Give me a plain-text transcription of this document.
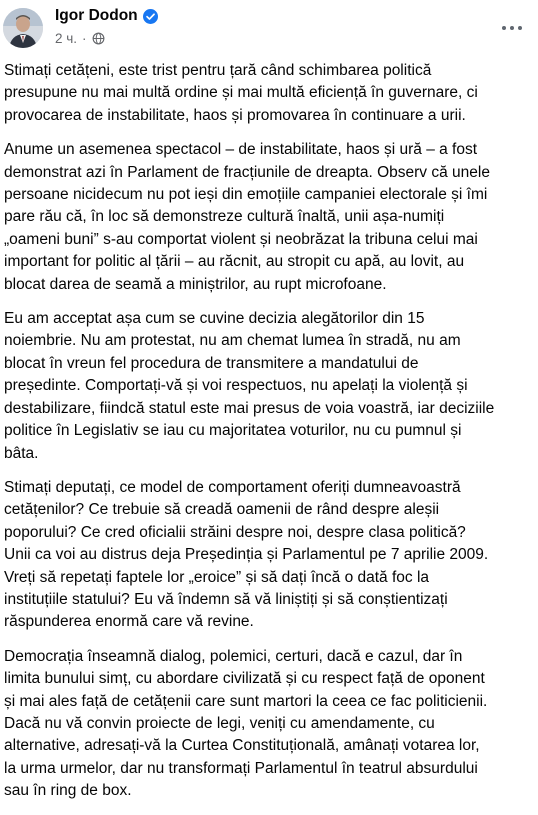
Igor Dodon
2 ч. ·

Stimați cetățeni, este trist pentru țară când schimbarea politică
presupune nu mai multă ordine și mai multă eficiență în guvernare, ci
provocarea de instabilitate, haos și promovarea în continuare a urii.

Anume un asemenea spectacol – de instabilitate, haos și ură – a fost
demonstrat azi în Parlament de fracțiunile de dreapta. Observ că unele
persoane nicidecum nu pot ieși din emoțiile campaniei electorale și îmi
pare rău că, în loc să demonstreze cultură înaltă, unii așa-numiți
„oameni buni” s-au comportat violent și neobrăzat la tribuna celui mai
important for politic al țării – au răcnit, au stropit cu apă, au lovit, au
blocat darea de seamă a miniștrilor, au rupt microfoane.

Eu am acceptat așa cum se cuvine decizia alegătorilor din 15
noiembrie. Nu am protestat, nu am chemat lumea în stradă, nu am
blocat în vreun fel procedura de transmitere a mandatului de
președinte. Comportați-vă și voi respectuos, nu apelați la violență și
destabilizare, fiindcă statul este mai presus de voia voastră, iar deciziile
politice în Legislativ se iau cu majoritatea voturilor, nu cu pumnul și
bâta.

Stimați deputați, ce model de comportament oferiți dumneavoastră
cetățenilor? Ce trebuie să creadă oamenii de rând despre aleșii
poporului? Ce cred oficialii străini despre noi, despre clasa politică?
Unii ca voi au distrus deja Președinția și Parlamentul pe 7 aprilie 2009.
Vreți să repetați faptele lor „eroice” și să dați încă o dată foc la
instituțiile statului? Eu vă îndemn să vă liniștiți și să conștientizați
răspunderea enormă care vă revine.

Democrația înseamnă dialog, polemici, certuri, dacă e cazul, dar în
limita bunului simț, cu abordare civilizată și cu respect față de oponent
și mai ales față de cetățenii care sunt martori la ceea ce fac politicienii.
Dacă nu vă convin proiecte de legi, veniți cu amendamente, cu
alternative, adresați-vă la Curtea Constituțională, amânați votarea lor,
la urma urmelor, dar nu transformați Parlamentul în teatrul absurdului
sau în ring de box.
